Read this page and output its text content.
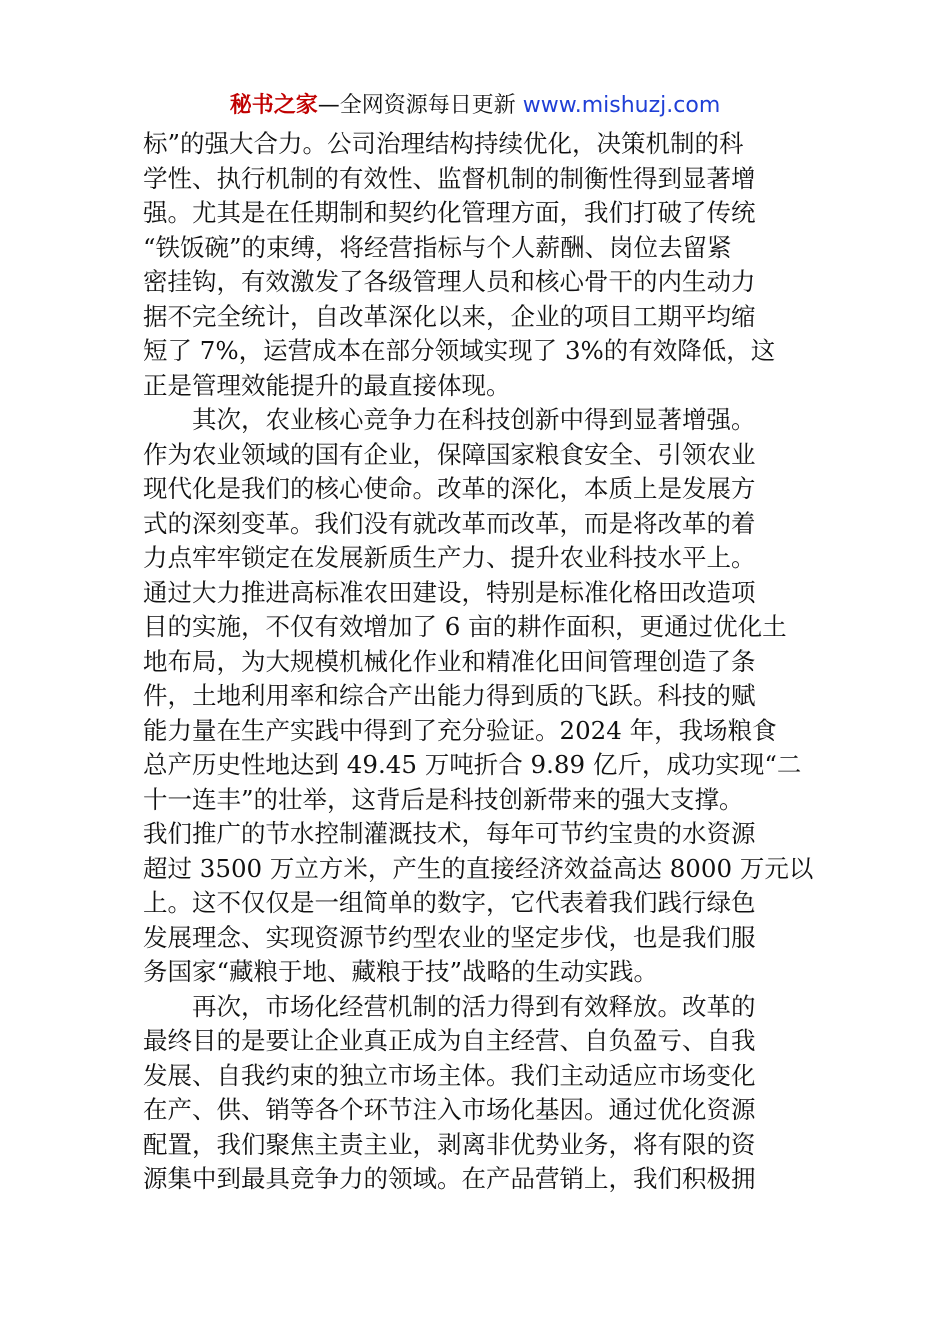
秘书之家—全网资源每日更新 www.mishuzj.com
标”的强大合力。公司治理结构持续优化，决策机制的科
学性、执行机制的有效性、监督机制的制衡性得到显著增
强。尤其是在任期制和契约化管理方面，我们打破了传统
“铁饭碗”的束缚，将经营指标与个人薪酬、岗位去留紧
密挂钩，有效激发了各级管理人员和核心骨干的内生动力
据不完全统计，自改革深化以来，企业的项目工期平均缩
短了 7%，运营成本在部分领域实现了 3%的有效降低，这
正是管理效能提升的最直接体现。
其次，农业核心竞争力在科技创新中得到显著增强。
作为农业领域的国有企业，保障国家粮食安全、引领农业
现代化是我们的核心使命。改革的深化，本质上是发展方
式的深刻变革。我们没有就改革而改革，而是将改革的着
力点牢牢锁定在发展新质生产力、提升农业科技水平上。
通过大力推进高标准农田建设，特别是标准化格田改造项
目的实施，不仅有效增加了 6 亩的耕作面积，更通过优化土
地布局，为大规模机械化作业和精准化田间管理创造了条
件，土地利用率和综合产出能力得到质的飞跃。科技的赋
能力量在生产实践中得到了充分验证。2024 年，我场粮食
总产历史性地达到 49.45 万吨折合 9.89 亿斤，成功实现“二
十一连丰”的壮举，这背后是科技创新带来的强大支撑。
我们推广的节水控制灌溉技术，每年可节约宝贵的水资源
超过 3500 万立方米，产生的直接经济效益高达 8000 万元以
上。这不仅仅是一组简单的数字，它代表着我们践行绿色
发展理念、实现资源节约型农业的坚定步伐，也是我们服
务国家“藏粮于地、藏粮于技”战略的生动实践。
再次，市场化经营机制的活力得到有效释放。改革的
最终目的是要让企业真正成为自主经营、自负盈亏、自我
发展、自我约束的独立市场主体。我们主动适应市场变化
在产、供、销等各个环节注入市场化基因。通过优化资源
配置，我们聚焦主责主业，剥离非优势业务，将有限的资
源集中到最具竞争力的领域。在产品营销上，我们积极拥
